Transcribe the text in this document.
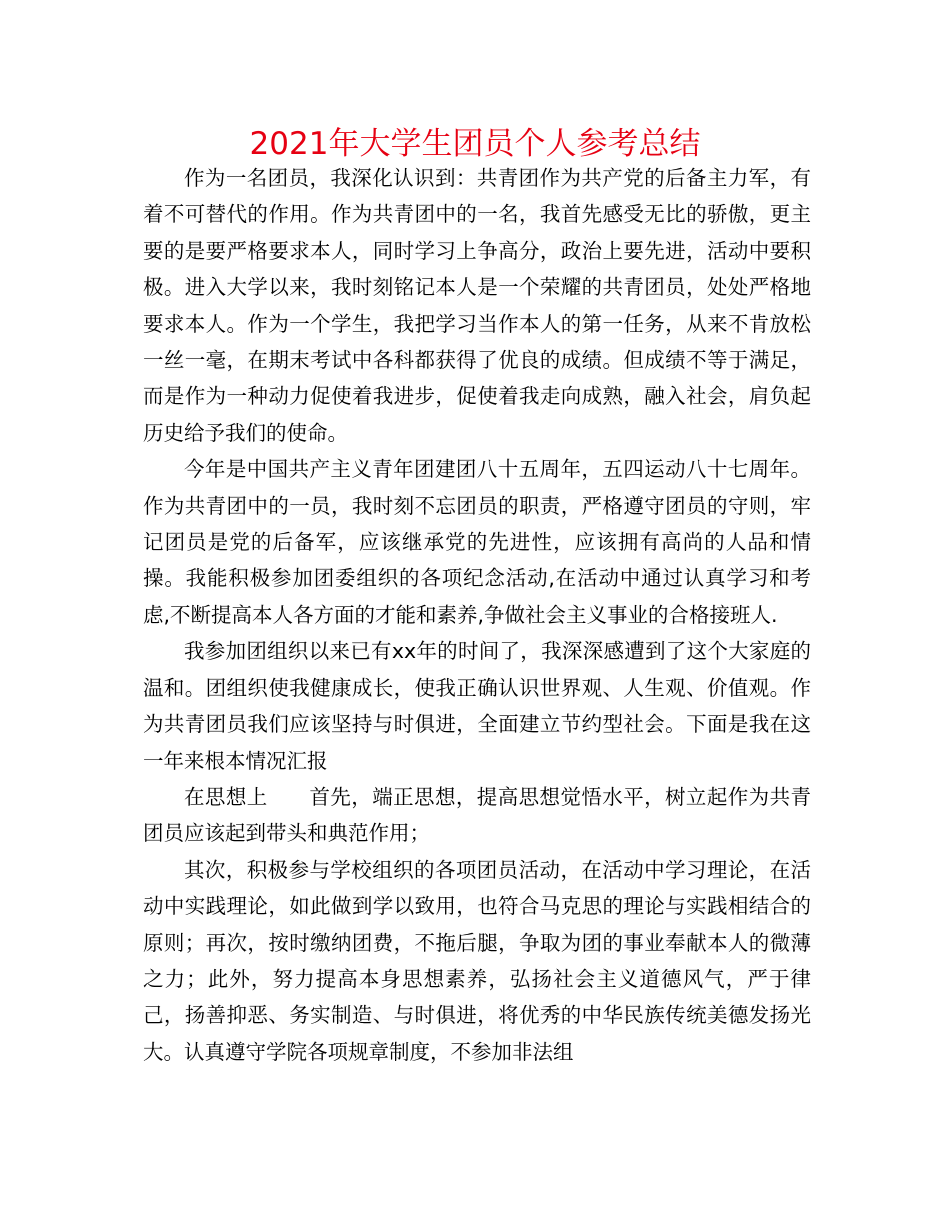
2021年大学生团员个人参考总结

作为一名团员，我深化认识到：共青团作为共产党的后备主力军，有着不可替代的作用。作为共青团中的一名，我首先感受无比的骄傲，更主要的是要严格要求本人，同时学习上争高分，政治上要先进，活动中要积极。进入大学以来，我时刻铭记本人是一个荣耀的共青团员，处处严格地要求本人。作为一个学生，我把学习当作本人的第一任务，从来不肯放松一丝一毫，在期末考试中各科都获得了优良的成绩。但成绩不等于满足，而是作为一种动力促使着我进步，促使着我走向成熟，融入社会，肩负起历史给予我们的使命。

今年是中国共产主义青年团建团八十五周年，五四运动八十七周年。作为共青团中的一员，我时刻不忘团员的职责，严格遵守团员的守则，牢记团员是党的后备军，应该继承党的先进性，应该拥有高尚的人品和情操。我能积极参加团委组织的各项纪念活动,在活动中通过认真学习和考虑,不断提高本人各方面的才能和素养,争做社会主义事业的合格接班人.

我参加团组织以来已有xx年的时间了，我深深感遭到了这个大家庭的温和。团组织使我健康成长，使我正确认识世界观、人生观、价值观。作为共青团员我们应该坚持与时俱进，全面建立节约型社会。下面是我在这一年来根本情况汇报

在思想上　　首先，端正思想，提高思想觉悟水平，树立起作为共青团员应该起到带头和典范作用；

其次，积极参与学校组织的各项团员活动，在活动中学习理论，在活动中实践理论，如此做到学以致用，也符合马克思的理论与实践相结合的原则；再次，按时缴纳团费，不拖后腿，争取为团的事业奉献本人的微薄之力；此外，努力提高本身思想素养，弘扬社会主义道德风气，严于律己，扬善抑恶、务实制造、与时俱进，将优秀的中华民族传统美德发扬光大。认真遵守学院各项规章制度，不参加非法组
